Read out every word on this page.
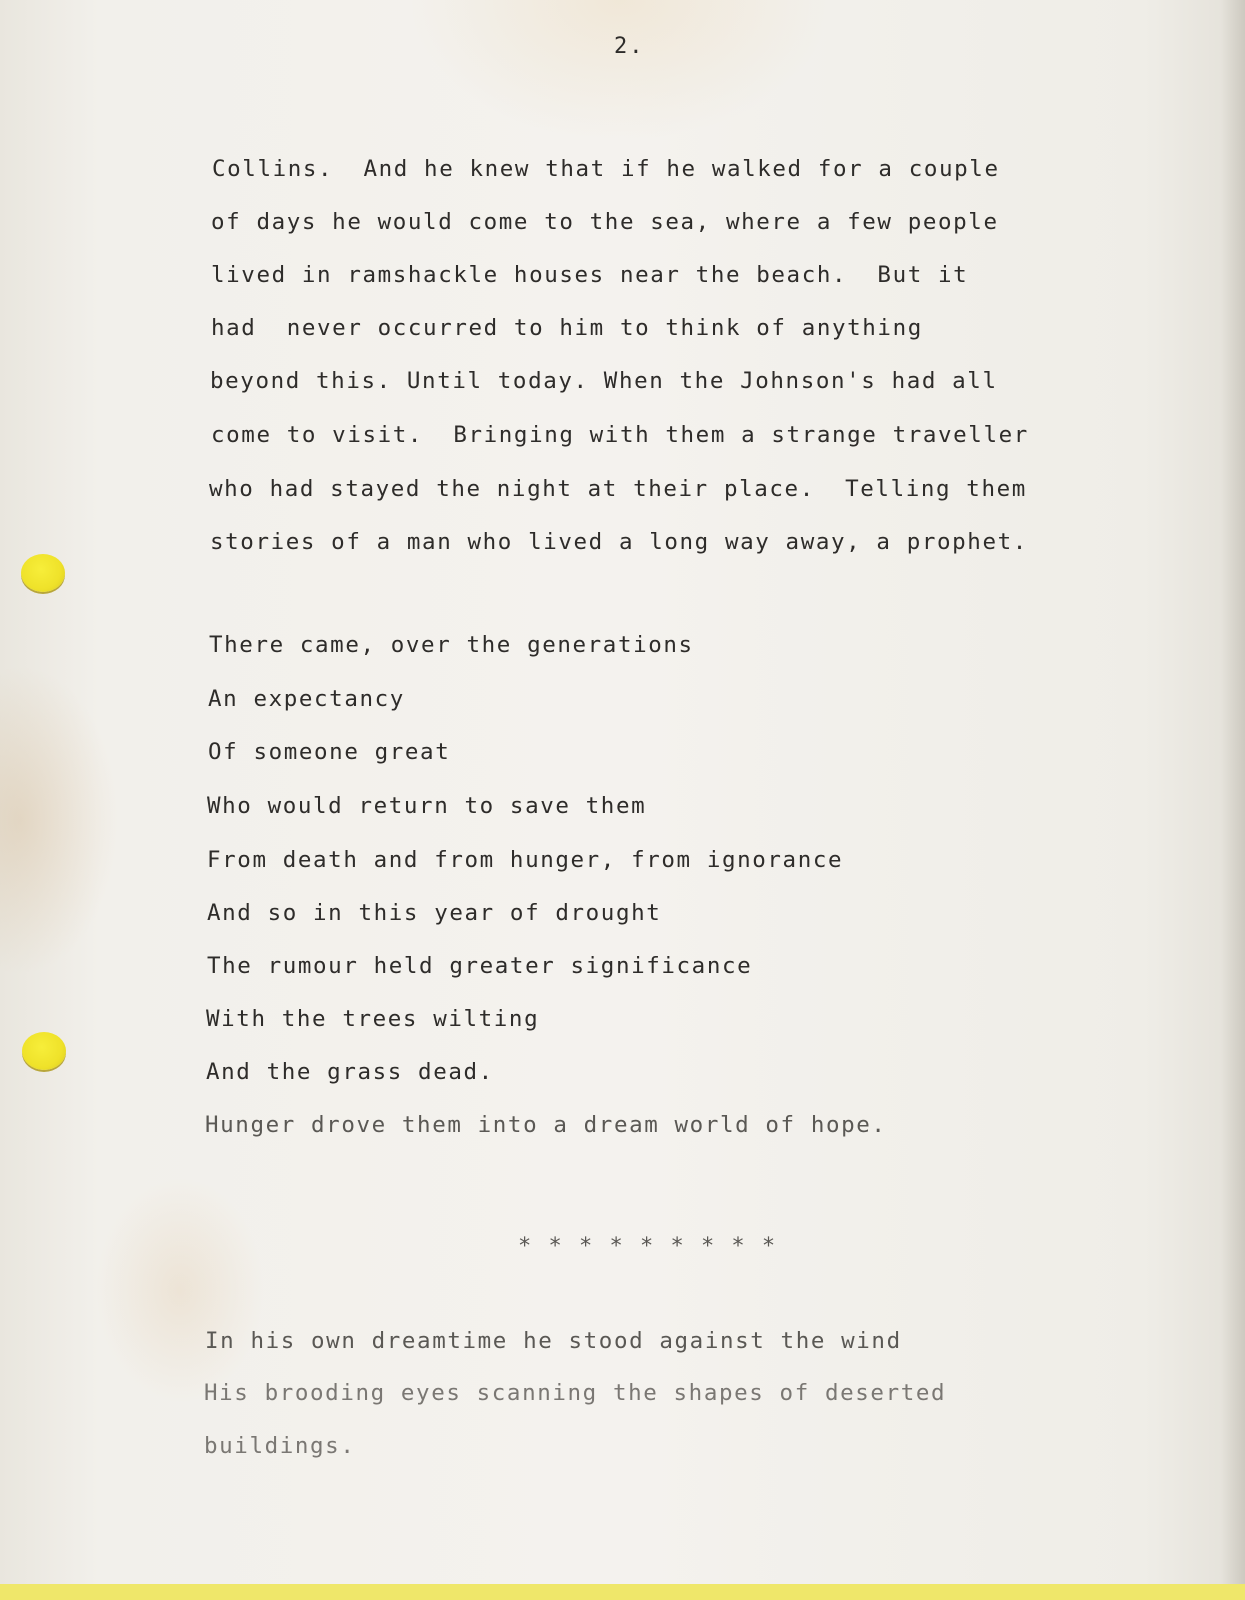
2.

Collins.  And he knew that if he walked for a couple

of days he would come to the sea, where a few people

lived in ramshackle houses near the beach.  But it

had  never occurred to him to think of anything

beyond this. Until today. When the Johnson's had all

come to visit.  Bringing with them a strange traveller

who had stayed the night at their place.  Telling them

stories of a man who lived a long way away, a prophet.

There came, over the generations

An expectancy

Of someone great

Who would return to save them

From death and from hunger, from ignorance

And so in this year of drought

The rumour held greater significance

With the trees wilting

And the grass dead.

Hunger drove them into a dream world of hope.

* * * * * * * * *

In his own dreamtime he stood against the wind

His brooding eyes scanning the shapes of deserted

buildings.
